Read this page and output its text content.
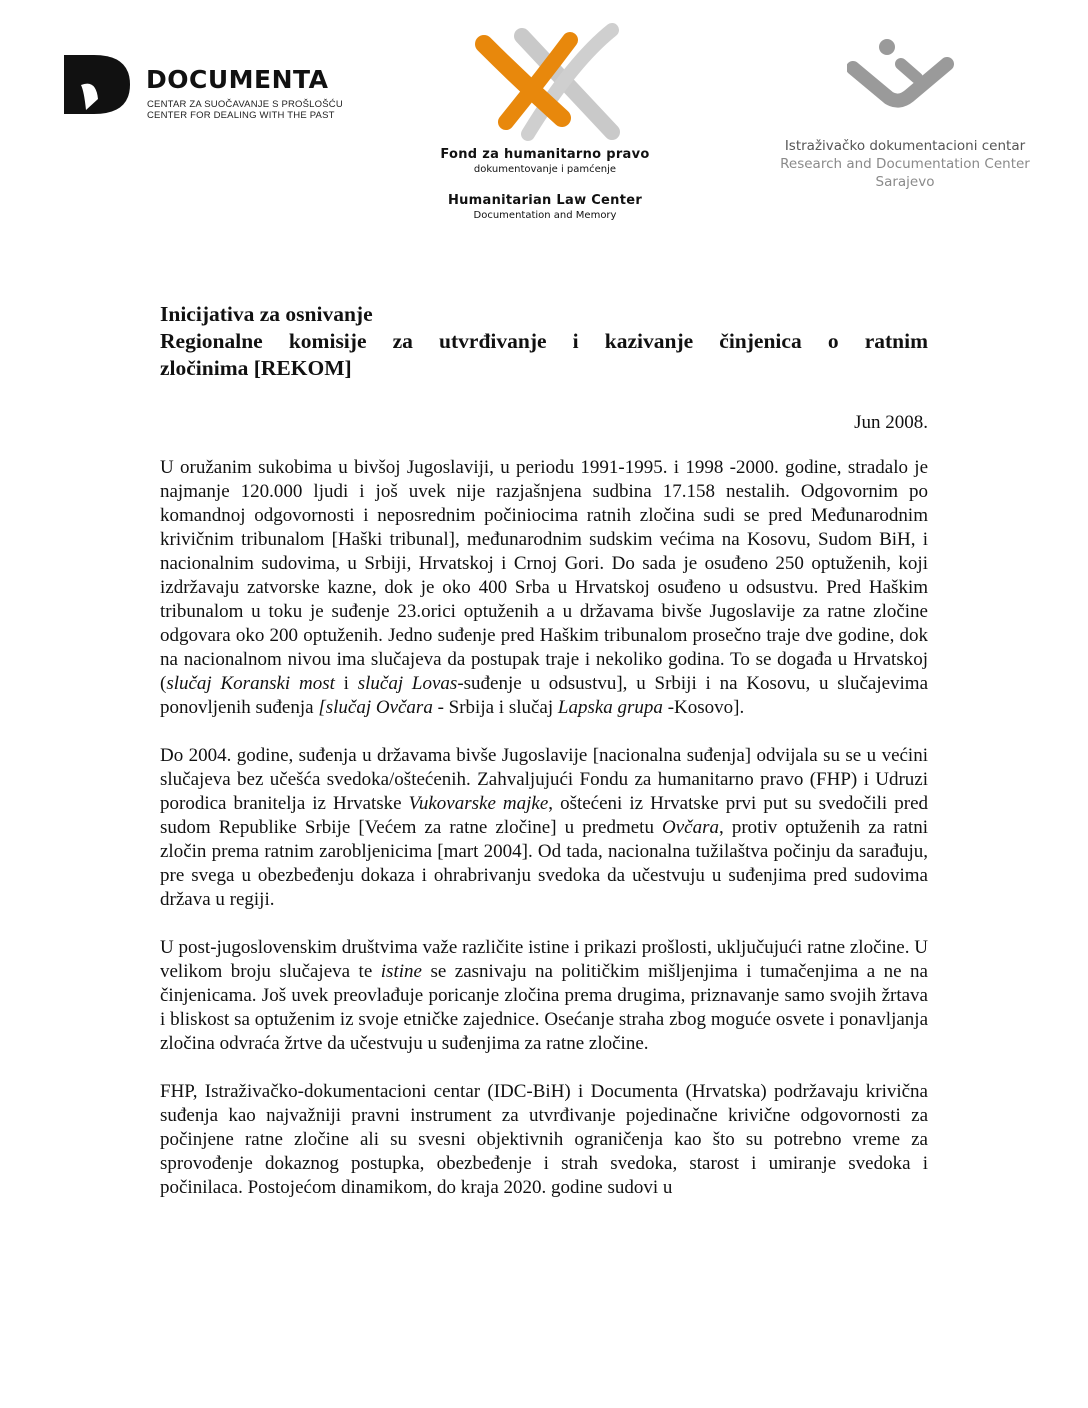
DOCUMENTA
CENTAR ZA SUOČAVANJE S PROŠLOŠĆU
CENTER FOR DEALING WITH THE PAST
Fond za humanitarno pravo
dokumentovanje i pamćenje
Humanitarian Law Center
Documentation and Memory
Istraživačko dokumentacioni centar
Research and Documentation Center
Sarajevo
Inicijativa za osnivanje
Regionalne komisije za utvrđivanje i kazivanje činjenica o ratnim
zločinima [REKOM]
Jun 2008.

U oružanim sukobima u bivšoj Jugoslaviji, u periodu 1991-1995. i 1998 -2000. godine, stradalo je najmanje 120.000 ljudi i još uvek nije razjašnjena sudbina 17.158 nestalih. Odgovornim po komandnoj odgovornosti i neposrednim počiniocima ratnih zločina sudi se pred Međunarodnim krivičnim tribunalom [Haški tribunal], međunarodnim sudskim većima na Kosovu, Sudom BiH, i nacionalnim sudovima, u Srbiji, Hrvatskoj i Crnoj Gori. Do sada je osuđeno 250 optuženih, koji izdržavaju zatvorske kazne, dok je oko 400 Srba u Hrvatskoj osuđeno u odsustvu. Pred Haškim tribunalom u toku je suđenje 23.orici optuženih a u državama bivše Jugoslavije za ratne zločine odgovara oko 200 optuženih. Jedno suđenje pred Haškim tribunalom prosečno traje dve godine, dok na nacionalnom nivou ima slučajeva da postupak traje i nekoliko godina. To se događa u Hrvatskoj (slučaj Koranski most i slučaj Lovas-suđenje u odsustvu], u Srbiji i na Kosovu, u slučajevima ponovljenih suđenja [slučaj Ovčara - Srbija i slučaj Lapska grupa -Kosovo].

Do 2004. godine, suđenja u državama bivše Jugoslavije [nacionalna suđenja] odvijala su se u većini slučajeva bez učešća svedoka/oštećenih. Zahvaljujući Fondu za humanitarno pravo (FHP) i Udruzi porodica branitelja iz Hrvatske Vukovarske majke, oštećeni iz Hrvatske prvi put su svedočili pred sudom Republike Srbije [Većem za ratne zločine] u predmetu Ovčara, protiv optuženih za ratni zločin prema ratnim zarobljenicima [mart 2004]. Od tada, nacionalna tužilaštva počinju da sarađuju, pre svega u obezbeđenju dokaza i ohrabrivanju svedoka da učestvuju u suđenjima pred sudovima država u regiji.

U post-jugoslovenskim društvima važe različite istine i prikazi prošlosti, uključujući ratne zločine. U velikom broju slučajeva te istine se zasnivaju na političkim mišljenjima i tumačenjima a ne na činjenicama. Još uvek preovlađuje poricanje zločina prema drugima, priznavanje samo svojih žrtava i bliskost sa optuženim iz svoje etničke zajednice. Osećanje straha zbog moguće osvete i ponavljanja zločina odvraća žrtve da učestvuju u suđenjima za ratne zločine.

FHP, Istraživačko-dokumentacioni centar (IDC-BiH) i Documenta (Hrvatska) podržavaju krivična suđenja kao najvažniji pravni instrument za utvrđivanje pojedinačne krivične odgovornosti za počinjene ratne zločine ali su svesni objektivnih ograničenja kao što su potrebno vreme za sprovođenje dokaznog postupka, obezbeđenje i strah svedoka, starost i umiranje svedoka i počinilaca. Postojećom dinamikom, do kraja 2020. godine sudovi u
